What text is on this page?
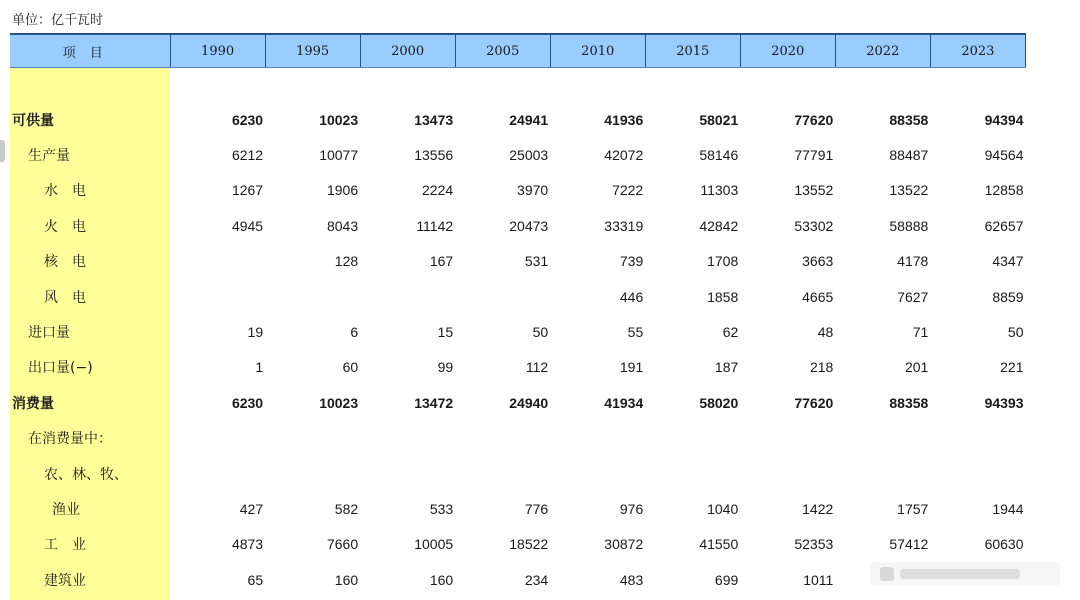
单位：亿千瓦时
项目	1990	1995	2000	2005	2010	2015	2020	2022	2023

可供量	6230	10023	13473	24941	41936	58021	77620	88358	94394
生产量	6212	10077	13556	25003	42072	58146	77791	88487	94564
水　电	1267	1906	2224	3970	7222	11303	13552	13522	12858
火　电	4945	8043	11142	20473	33319	42842	53302	58888	62657
核　电		128	167	531	739	1708	3663	4178	4347
风　电					446	1858	4665	7627	8859
进口量	19	6	15	50	55	62	48	71	50
出口量(−)	1	60	99	112	191	187	218	201	221
消费量	6230	10023	13472	24940	41934	58020	77620	88358	94393
在消费量中：									
农、林、牧、									
渔业	427	582	533	776	976	1040	1422	1757	1944
工　业	4873	7660	10005	18522	30872	41550	52353	57412	60630
建筑业	65	160	160	234	483	699	1011		
